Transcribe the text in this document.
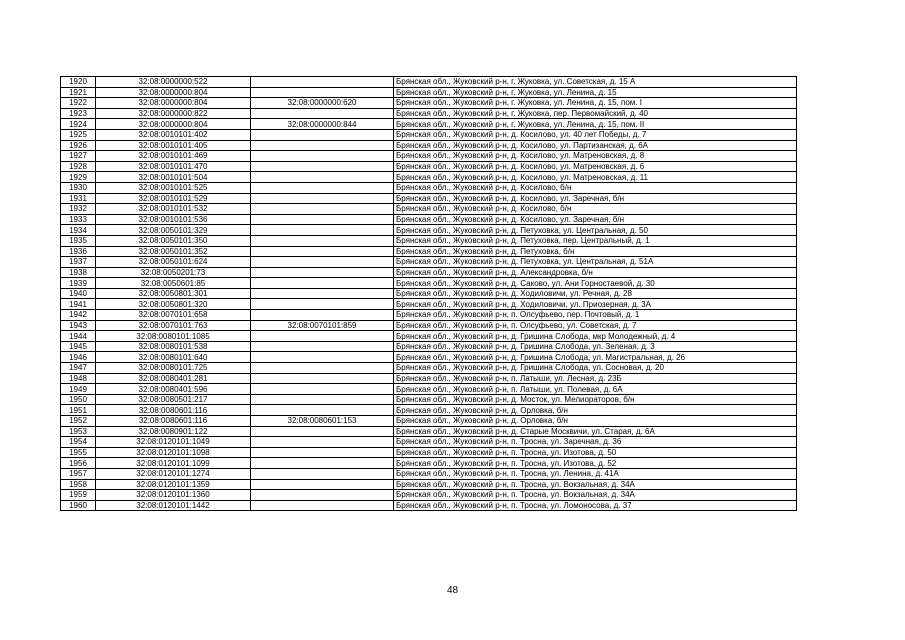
1920	32:08:0000000:522		Брянская обл., Жуковский р-н, г. Жуковка, ул. Советская, д. 15 А
1921	32:08:0000000:804		Брянская обл., Жуковский р-н, г. Жуковка, ул. Ленина, д. 15
1922	32:08:0000000:804	32:08:0000000:620	Брянская обл., Жуковский р-н, г. Жуковка, ул. Ленина, д. 15, пом. I
1923	32:08:0000000:822		Брянская обл., Жуковский р-н, г. Жуковка, пер. Первомайский, д. 40
1924	32:08:0000000:804	32:08:0000000:844	Брянская обл., Жуковский р-н, г. Жуковка, ул. Ленина, д. 15, пом. II
1925	32:08:0010101:402		Брянская обл., Жуковский р-н, д. Косилово, ул. 40 лет Победы, д. 7
1926	32:08:0010101:405		Брянская обл., Жуковский р-н, д. Косилово, ул. Партизанская, д. 6А
1927	32:08:0010101:469		Брянская обл., Жуковский р-н, д. Косилово, ул. Матреновская, д. 8
1928	32:08:0010101:470		Брянская обл., Жуковский р-н, д. Косилово, ул. Матреновская, д. 6
1929	32:08:0010101:504		Брянская обл., Жуковский р-н, д. Косилово, ул. Матреновская, д. 11
1930	32:08:0010101:525		Брянская обл., Жуковский р-н, д. Косилово, б/н
1931	32:08:0010101:529		Брянская обл., Жуковский р-н, д. Косилово, ул. Заречная, б/н
1932	32:08:0010101:532		Брянская обл., Жуковский р-н, д. Косилово, б/н
1933	32:08:0010101:536		Брянская обл., Жуковский р-н, д. Косилово, ул. Заречная, б/н
1934	32:08:0050101:329		Брянская обл., Жуковский р-н, д. Петуховка, ул. Центральная, д. 50
1935	32:08:0050101:350		Брянская обл., Жуковский р-н, д. Петуховка, пер. Центральный, д. 1
1936	32:08:0050101:352		Брянская обл., Жуковский р-н, д. Петуховка, б/н
1937	32:08:0050101:624		Брянская обл., Жуковский р-н, д. Петуховка, ул. Центральная, д. 51А
1938	32:08:0050201:73		Брянская обл., Жуковский р-н, д. Александровка, б/н
1939	32:08:0050601:85		Брянская обл., Жуковский р-н, д. Саково, ул. Ани Горностаевой, д. 30
1940	32:08:0050801:301		Брянская обл., Жуковский р-н, д. Ходиловичи, ул. Речная, д. 28
1941	32:08:0050801:320		Брянская обл., Жуковский р-н, д. Ходиловичи, ул. Приозерная, д. 3А
1942	32:08:0070101:658		Брянская обл., Жуковский р-н, п. Олсуфьево, пер. Почтовый, д. 1
1943	32:08:0070101:763	32:08:0070101:859	Брянская обл., Жуковский р-н, п. Олсуфьево, ул. Советская, д. 7
1944	32:08:0080101:1085		Брянская обл., Жуковский р-н, д. Гришина Слобода, мкр Молодежный, д. 4
1945	32:08:0080101:538		Брянская обл., Жуковский р-н, д. Гришина Слобода, ул. Зеленая, д. 3
1946	32:08:0080101:640		Брянская обл., Жуковский р-н, д. Гришина Слобода, ул. Магистральная, д. 26
1947	32:08:0080101:725		Брянская обл., Жуковский р-н, д. Гришина Слобода, ул. Сосновая, д. 20
1948	32:08:0080401:281		Брянская обл., Жуковский р-н, п. Латыши, ул. Лесная, д. 23Б
1949	32:08:0080401:596		Брянская обл., Жуковский р-н, п. Латыши, ул. Полевая, д. 6А
1950	32:08:0080501:217		Брянская обл., Жуковский р-н, д. Мосток, ул. Мелиораторов, б/н
1951	32:08:0080601:116		Брянская обл., Жуковский р-н, д. Орловка, б/н
1952	32:08:0080601:116	32:08:0080601:153	Брянская обл., Жуковский р-н, д. Орловка, б/н
1953	32:08:0080901:122		Брянская обл., Жуковский р-н, д. Старые Москвичи, ул. Старая, д. 6А
1954	32:08:0120101:1049		Брянская обл., Жуковский р-н, п. Тросна, ул. Заречная, д. 36
1955	32:08:0120101:1098		Брянская обл., Жуковский р-н, п. Тросна, ул. Изотова, д. 50
1956	32:08:0120101:1099		Брянская обл., Жуковский р-н, п. Тросна, ул. Изотова, д. 52
1957	32:08:0120101:1274		Брянская обл., Жуковский р-н, п. Тросна, ул. Ленина, д. 41А
1958	32:08:0120101:1359		Брянская обл., Жуковский р-н, п. Тросна, ул. Вокзальная, д. 34А
1959	32:08:0120101:1360		Брянская обл., Жуковский р-н, п. Тросна, ул. Вокзальная, д. 34А
1960	32:08:0120101:1442		Брянская обл., Жуковский р-н, п. Тросна, ул. Ломоносова, д. 37
48
